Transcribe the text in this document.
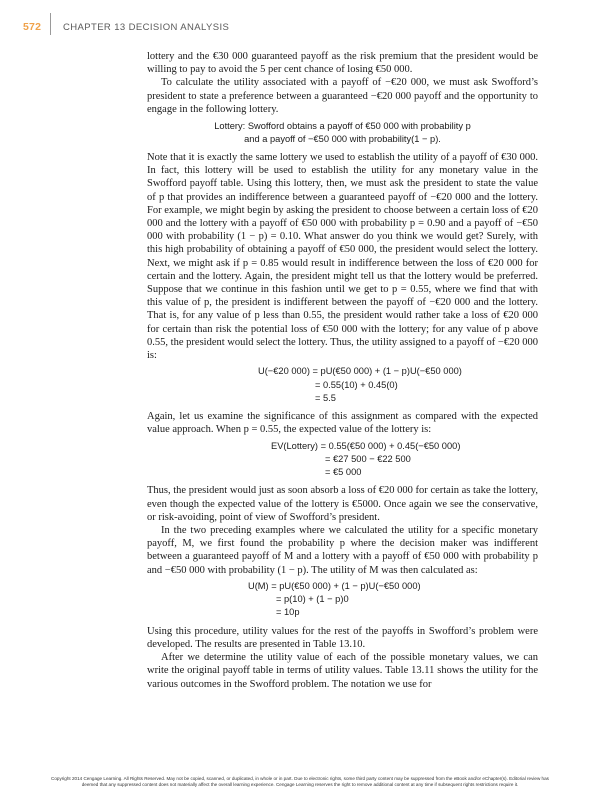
572 CHAPTER 13 DECISION ANALYSIS

lottery and the €30 000 guaranteed payoff as the risk premium that the president would be willing to pay to avoid the 5 per cent chance of losing €50 000.

To calculate the utility associated with a payoff of −€20 000, we must ask Swofford’s president to state a preference between a guaranteed −€20 000 payoff and the opportunity to engage in the following lottery.

Lottery: Swofford obtains a payoff of €50 000 with probability p
and a payoff of −€50 000 with probability(1 − p).

Note that it is exactly the same lottery we used to establish the utility of a payoff of €30 000. In fact, this lottery will be used to establish the utility for any monetary value in the Swofford payoff table. Using this lottery, then, we must ask the president to state the value of p that provides an indifference between a guaranteed payoff of −€20 000 and the lottery. For example, we might begin by asking the president to choose between a certain loss of €20 000 and the lottery with a payoff of €50 000 with probability p = 0.90 and a payoff of −€50 000 with probability (1 − p) = 0.10. What answer do you think we would get? Surely, with this high probability of obtaining a payoff of €50 000, the president would select the lottery. Next, we might ask if p = 0.85 would result in indifference between the loss of €20 000 for certain and the lottery. Again, the president might tell us that the lottery would be preferred. Suppose that we continue in this fashion until we get to p = 0.55, where we find that with this value of p, the president is indifferent between the payoff of −€20 000 and the lottery. That is, for any value of p less than 0.55, the president would rather take a loss of €20 000 for certain than risk the potential loss of €50 000 with the lottery; for any value of p above 0.55, the president would select the lottery. Thus, the utility assigned to a payoff of −€20 000 is:

U(−€20 000) = pU(€50 000) + (1 − p)U(−€50 000)
= 0.55(10) + 0.45(0)
= 5.5

Again, let us examine the significance of this assignment as compared with the expected value approach. When p = 0.55, the expected value of the lottery is:

EV(Lottery) = 0.55(€50 000) + 0.45(−€50 000)
= €27 500 − €22 500
= €5 000

Thus, the president would just as soon absorb a loss of €20 000 for certain as take the lottery, even though the expected value of the lottery is €5000. Once again we see the conservative, or risk-avoiding, point of view of Swofford’s president.

In the two preceding examples where we calculated the utility for a specific monetary payoff, M, we first found the probability p where the decision maker was indifferent between a guaranteed payoff of M and a lottery with a payoff of €50 000 with probability p and −€50 000 with probability (1 − p). The utility of M was then calculated as:

U(M) = pU(€50 000) + (1 − p)U(−€50 000)
= p(10) + (1 − p)0
= 10p

Using this procedure, utility values for the rest of the payoffs in Swofford’s problem were developed. The results are presented in Table 13.10.

After we determine the utility value of each of the possible monetary values, we can write the original payoff table in terms of utility values. Table 13.11 shows the utility for the various outcomes in the Swofford problem. The notation we use for

Copyright 2014 Cengage Learning. All Rights Reserved. May not be copied, scanned, or duplicated, in whole or in part. Due to electronic rights, some third party content may be suppressed from the eBook and/or eChapter(s). Editorial review has
deemed that any suppressed content does not materially affect the overall learning experience. Cengage Learning reserves the right to remove additional content at any time if subsequent rights restrictions require it.
